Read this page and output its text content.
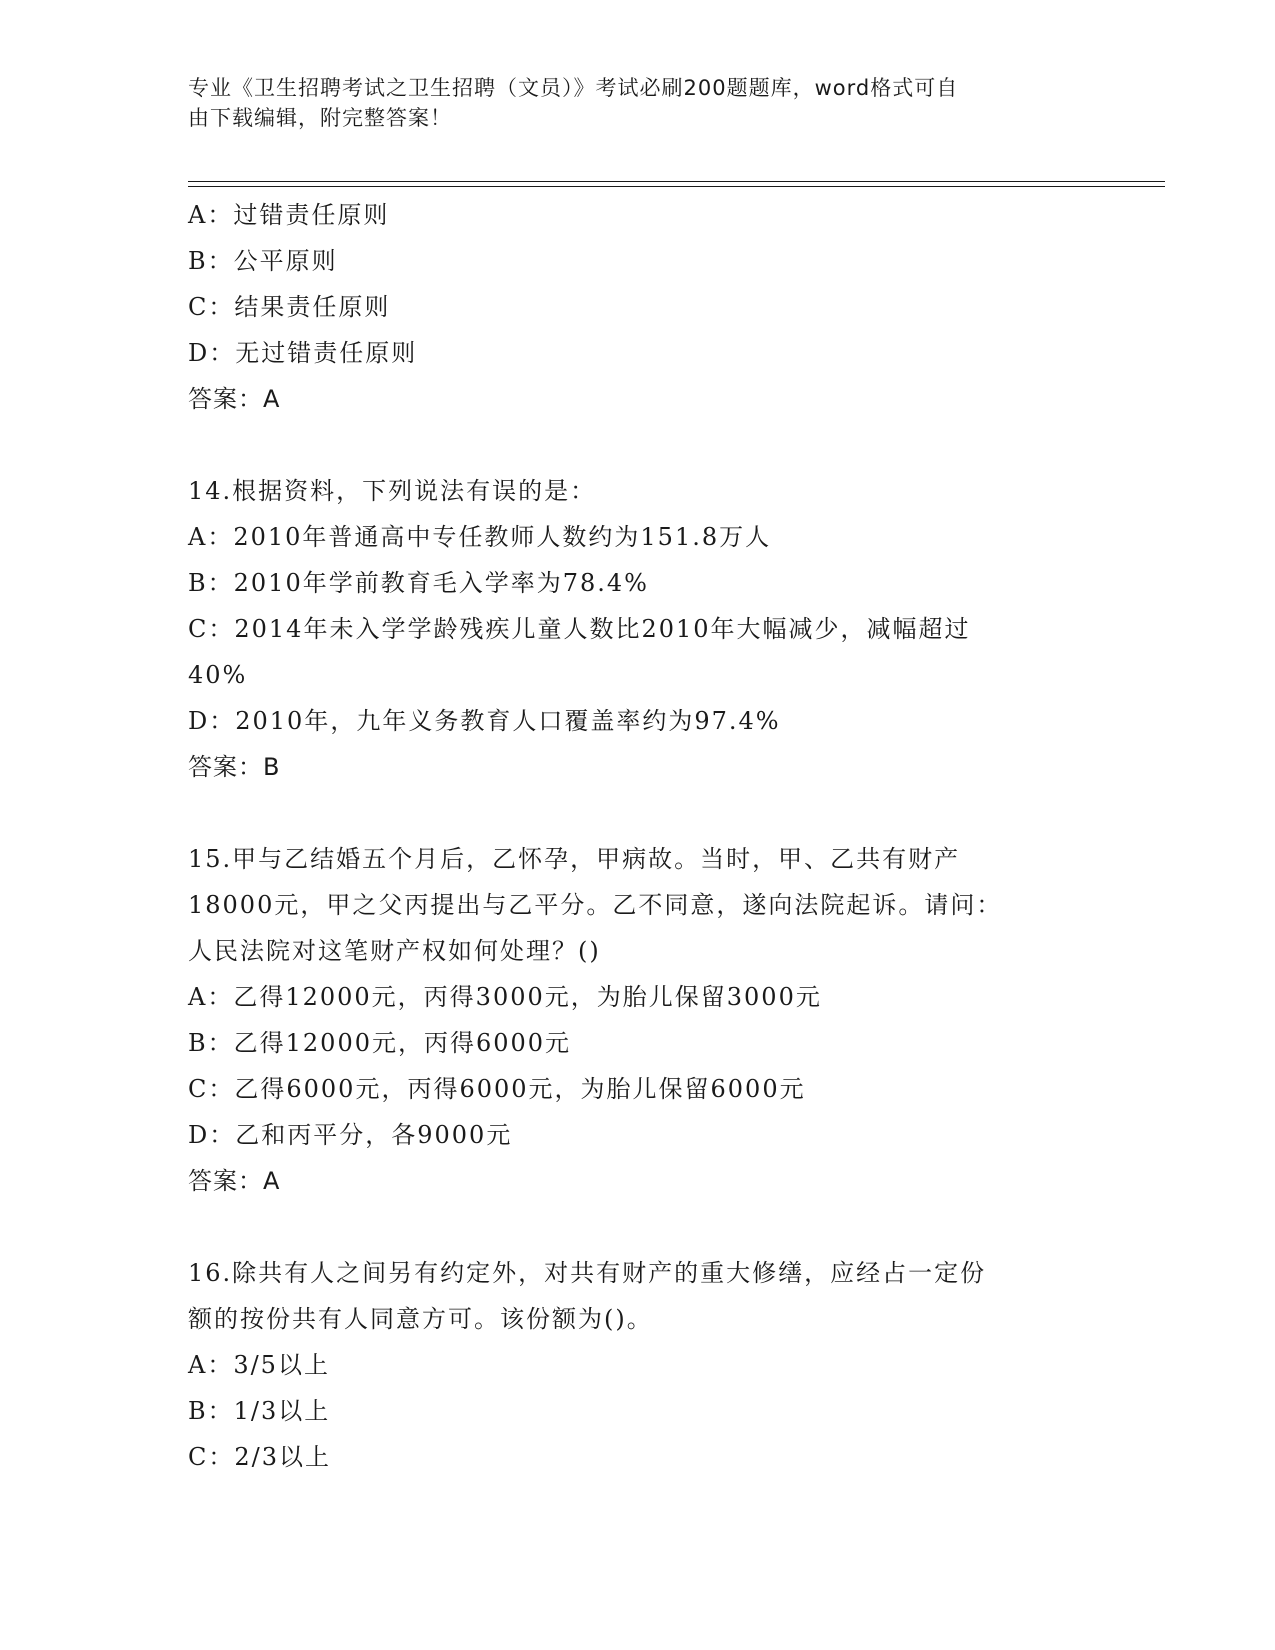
专业《卫生招聘考试之卫生招聘（文员）》考试必刷200题题库，word格式可自
由下载编辑，附完整答案！
A：过错责任原则
B：公平原则
C：结果责任原则
D：无过错责任原则
答案：A
14.根据资料，下列说法有误的是：
A：2010年普通高中专任教师人数约为151.8万人
B：2010年学前教育毛入学率为78.4%
C：2014年未入学学龄残疾儿童人数比2010年大幅减少，减幅超过
40%
D：2010年，九年义务教育人口覆盖率约为97.4%
答案：B
15.甲与乙结婚五个月后，乙怀孕，甲病故。当时，甲、乙共有财产
18000元，甲之父丙提出与乙平分。乙不同意，遂向法院起诉。请问：
人民法院对这笔财产权如何处理？()
A：乙得12000元，丙得3000元，为胎儿保留3000元
B：乙得12000元，丙得6000元
C：乙得6000元，丙得6000元，为胎儿保留6000元
D：乙和丙平分，各9000元
答案：A
16.除共有人之间另有约定外，对共有财产的重大修缮，应经占一定份
额的按份共有人同意方可。该份额为()。
A：3/5以上
B：1/3以上
C：2/3以上
